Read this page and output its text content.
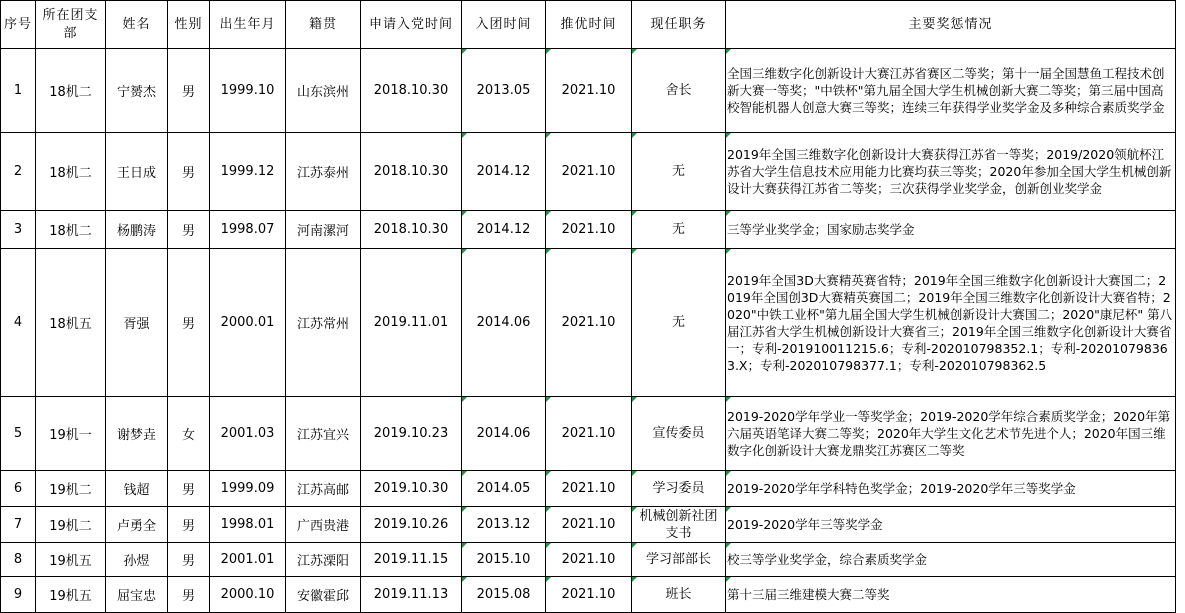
序号	所在团支部	姓名	性别	出生年月	籍贯	申请入党时间	入团时间	推优时间	现任职务	主要奖惩情况
1	18机二	宁赟杰	男	1999.10	山东滨州	2018.10.30	2013.05	2021.10	舍长	全国三维数字化创新设计大赛江苏省赛区二等奖；第十一届全国慧鱼工程技术创新大赛一等奖；"中铁杯"第九届全国大学生机械创新大赛二等奖；第三届中国高校智能机器人创意大赛三等奖；连续三年获得学业奖学金及多种综合素质奖学金
2	18机二	王日成	男	1999.12	江苏泰州	2018.10.30	2014.12	2021.10	无	2019年全国三维数字化创新设计大赛获得江苏省一等奖；2019/2020领航杯江苏省大学生信息技术应用能力比赛均获三等奖；2020年参加全国大学生机械创新设计大赛获得江苏省二等奖；三次获得学业奖学金，创新创业奖学金
3	18机二	杨鹏涛	男	1998.07	河南漯河	2018.10.30	2014.12	2021.10	无	三等学业奖学金；国家励志奖学金
4	18机五	胥强	男	2000.01	江苏常州	2019.11.01	2014.06	2021.10	无	2019年全国3D大赛精英赛省特；2019年全国三维数字化创新设计大赛国二；2019年全国创3D大赛精英赛国二；2019年全国三维数字化创新设计大赛省特；2020"中铁工业杯"第九届全国大学生机械创新设计大赛国二；2020"康尼杯" 第八届江苏省大学生机械创新设计大赛省三；2019年全国三维数字化创新设计大赛省一；专利-201910011215.6；专利-202010798352.1；专利-202010798363.X；专利-202010798377.1；专利-202010798362.5
5	19机一	谢梦垚	女	2001.03	江苏宜兴	2019.10.23	2014.06	2021.10	宣传委员	2019-2020学年学业一等奖学金；2019-2020学年综合素质奖学金；2020年第六届英语笔译大赛二等奖；2020年大学生文化艺术节先进个人；2020年国三维数字化创新设计大赛龙鼎奖江苏赛区二等奖
6	19机二	钱超	男	1999.09	江苏高邮	2019.10.30	2014.05	2021.10	学习委员	2019-2020学年学科特色奖学金；2019-2020学年三等奖学金
7	19机二	卢勇全	男	1998.01	广西贵港	2019.10.26	2013.12	2021.10	机械创新社团支书	2019-2020学年三等奖学金
8	19机五	孙煜	男	2001.01	江苏溧阳	2019.11.15	2015.10	2021.10	学习部部长	校三等学业奖学金，综合素质奖学金
9	19机五	屈宝忠	男	2000.10	安徽霍邱	2019.11.13	2015.08	2021.10	班长	第十三届三维建模大赛二等奖
